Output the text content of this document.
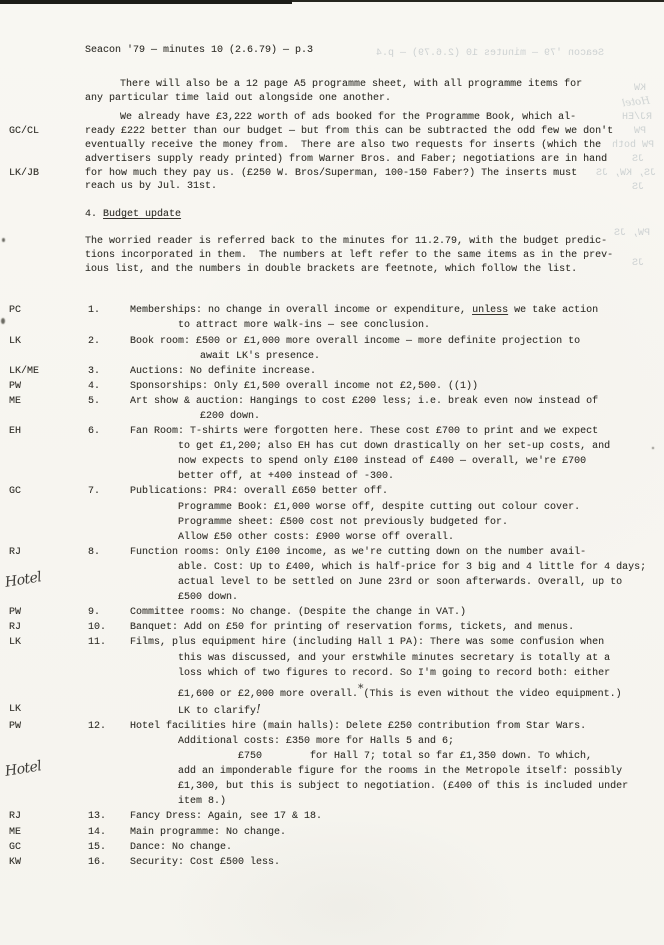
Seacon '79 — minutes 10 (2.6.79) — p.4
KW
Hotel
RJ/EH
PW
PW both
JS
JS, KW, JS
JS
PW, JS
JS
Seacon '79 — minutes 10 (2.6.79) — p.3
There will also be a 12 page A5 programme sheet, with all programme items for
any particular time laid out alongside one another.
We already have £3,222 worth of ads booked for the Programme Book, which al-
GC/CL	ready £222 better than our budget — but from this can be subtracted the odd few we don't
eventually receive the money from.  There are also two requests for inserts (which the
advertisers supply ready printed) from Warner Bros. and Faber; negotiations are in hand
LK/JB	for how much they pay us. (£250 W. Bros/Superman, 100-150 Faber?) The inserts must
reach us by Jul. 31st.
4. Budget update
The worried reader is referred back to the minutes for 11.2.79, with the budget predic-
tions incorporated in them.  The numbers at left refer to the same items as in the prev-
ious list, and the numbers in double brackets are feetnote, which follow the list.
PC	1.	Memberships: no change in overall income or expenditure, unless we take action
to attract more walk-ins — see conclusion.
LK	2.	Book room: £500 or £1,000 more overall income — more definite projection to
await LK's presence.
LK/ME	3.	Auctions: No definite increase.
PW	4.	Sponsorships: Only £1,500 overall income not £2,500. ((1))
ME	5.	Art show & auction: Hangings to cost £200 less; i.e. break even now instead of
£200 down.
EH	6.	Fan Room: T-shirts were forgotten here. These cost £700 to print and we expect
to get £1,200; also EH has cut down drastically on her set-up costs, and
now expects to spend only £100 instead of £400 — overall, we're £700
better off, at +400 instead of -300.
GC	7.	Publications: PR4: overall £650 better off.
Programme Book: £1,000 worse off, despite cutting out colour cover.
Programme sheet: £500 cost not previously budgeted for.
Allow £50 other costs: £900 worse off overall.
RJ	8.	Function rooms: Only £100 income, as we're cutting down on the number avail-
able. Cost: Up to £400, which is half-price for 3 big and 4 little for 4 days;
Hotel	actual level to be settled on June 23rd or soon afterwards. Overall, up to
£500 down.
PW	9.	Committee rooms: No change. (Despite the change in VAT.)
RJ	10. Banquet: Add on £50 for printing of reservation forms, tickets, and menus.
LK	11. Films, plus equipment hire (including Hall 1 PA): There was some confusion when
this was discussed, and your erstwhile minutes secretary is totally at a
loss which of two figures to record. So I'm going to record both: either
£1,600 or £2,000 more overall.*(This is even without the video equipment.)
LK	LK to clarify!
PW	12. Hotel facilities hire (main halls): Delete £250 contribution from Star Wars.
Additional costs: £350 more for Halls 5 and 6;
£750        for Hall 7; total so far £1,350 down. To which,
Hotel	add an imponderable figure for the rooms in the Metropole itself: possibly
£1,300, but this is subject to negotiation. (£400 of this is included under
item 8.)
RJ	13. Fancy Dress: Again, see 17 & 18.
ME	14. Main programme: No change.
GC	15. Dance: No change.
KW	16. Security: Cost £500 less.
